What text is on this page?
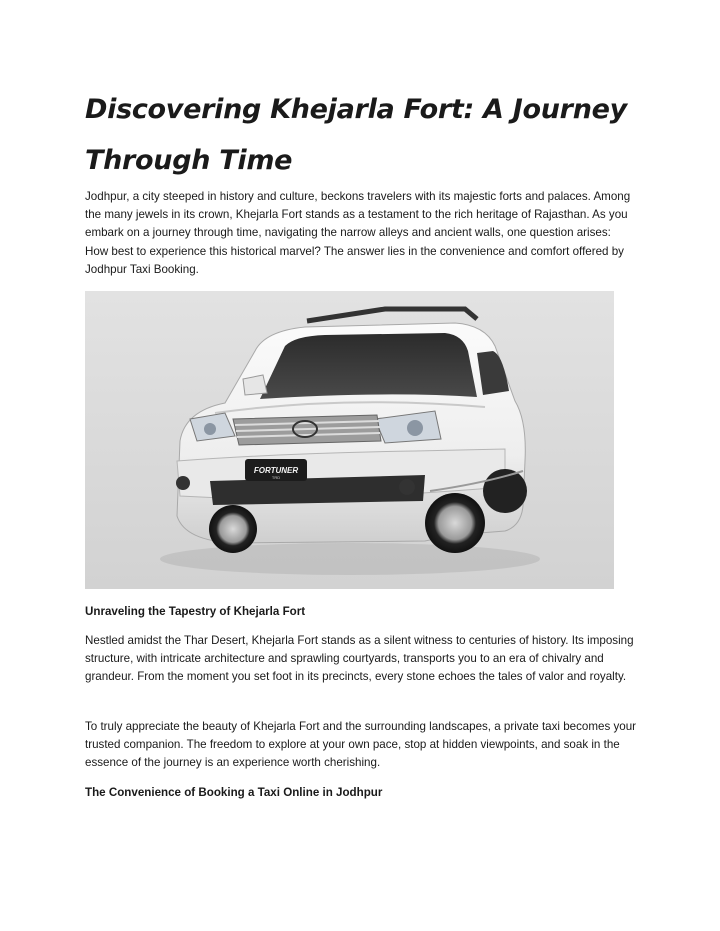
Discovering Khejarla Fort: A Journey Through Time

Jodhpur, a city steeped in history and culture, beckons travelers with its majestic forts and palaces. Among the many jewels in its crown, Khejarla Fort stands as a testament to the rich heritage of Rajasthan. As you embark on a journey through time, navigating the narrow alleys and ancient walls, one question arises: How best to experience this historical marvel? The answer lies in the convenience and comfort offered by Jodhpur Taxi Booking.

FORTUNER
TRD

Unraveling the Tapestry of Khejarla Fort

Nestled amidst the Thar Desert, Khejarla Fort stands as a silent witness to centuries of history. Its imposing structure, with intricate architecture and sprawling courtyards, transports you to an era of chivalry and grandeur. From the moment you set foot in its precincts, every stone echoes the tales of valor and royalty.

To truly appreciate the beauty of Khejarla Fort and the surrounding landscapes, a private taxi becomes your trusted companion. The freedom to explore at your own pace, stop at hidden viewpoints, and soak in the essence of the journey is an experience worth cherishing.

The Convenience of Booking a Taxi Online in Jodhpur
